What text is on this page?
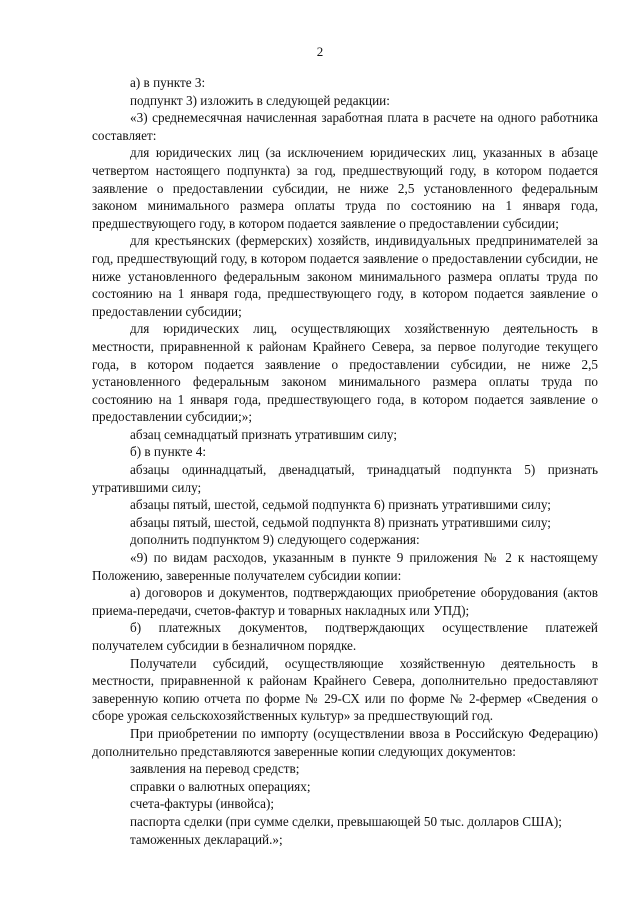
2

а) в пункте 3:

подпункт 3) изложить в следующей редакции:

«3) среднемесячная начисленная заработная плата в расчете на одного работника составляет:

для юридических лиц (за исключением юридических лиц, указанных в абзаце четвертом настоящего подпункта) за год, предшествующий году, в котором подается заявление о предоставлении субсидии, не ниже 2,5 установленного федеральным законом минимального размера оплаты труда по состоянию на 1 января года, предшествующего году, в котором подается заявление о предоставлении субсидии;

для крестьянских (фермерских) хозяйств, индивидуальных предпринимателей за год, предшествующий году, в котором подается заявление о предоставлении субсидии, не ниже установленного федеральным законом минимального размера оплаты труда по состоянию на 1 января года, предшествующего году, в котором подается заявление о предоставлении субсидии;

для юридических лиц, осуществляющих хозяйственную деятельность в местности, приравненной к районам Крайнего Севера, за первое полугодие текущего года, в котором подается заявление о предоставлении субсидии, не ниже 2,5 установленного федеральным законом минимального размера оплаты труда по состоянию на 1 января года, предшествующего года, в котором подается заявление о предоставлении субсидии;»;

абзац семнадцатый признать утратившим силу;

б) в пункте 4:

абзацы одиннадцатый, двенадцатый, тринадцатый подпункта 5) признать утратившими силу;

абзацы пятый, шестой, седьмой подпункта 6) признать утратившими силу;

абзацы пятый, шестой, седьмой подпункта 8) признать утратившими силу;

дополнить подпунктом 9) следующего содержания:

«9) по видам расходов, указанным в пункте 9 приложения № 2 к настоящему Положению, заверенные получателем субсидии копии:

а) договоров и документов, подтверждающих приобретение оборудования (актов приема-передачи, счетов-фактур и товарных накладных или УПД);

б) платежных документов, подтверждающих осуществление платежей получателем субсидии в безналичном порядке.

Получатели субсидий, осуществляющие хозяйственную деятельность в местности, приравненной к районам Крайнего Севера, дополнительно предоставляют заверенную копию отчета по форме № 29-СХ или по форме № 2-фермер «Сведения о сборе урожая сельскохозяйственных культур» за предшествующий год.

При приобретении по импорту (осуществлении ввоза в Российскую Федерацию) дополнительно представляются заверенные копии следующих документов:

заявления на перевод средств;

справки о валютных операциях;

счета-фактуры (инвойса);

паспорта сделки (при сумме сделки, превышающей 50 тыс. долларов США);

таможенных деклараций.»;
